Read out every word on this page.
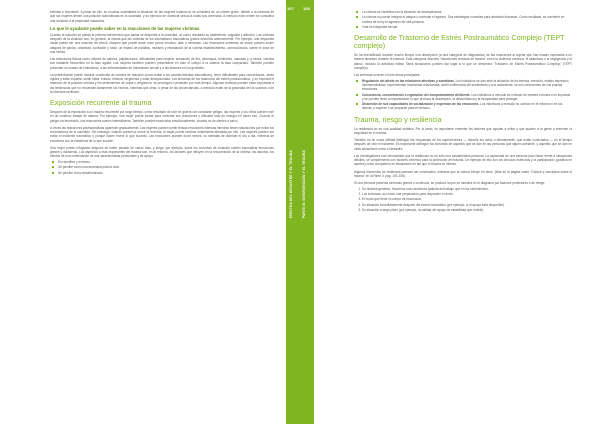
bebidas e impotente. A pesar de ello, en muchas sociedades la situación de las mujeres todavía no se considera de un crimen grave, debido a la creencia de que las mujeres tienen una posición subordinada en la sociedad, y su ejercicio de violencia sexual a todas sus creencias. A menudo este crimen se considera una violación a la propiedad masculina.

Lo que le ayudante puede saber en la reacciones de las mujeres víctimas

Cuando la solución se parida la primera intervención que parlas se despedía a la sociedad, no como resultado su abatimiento, angustia y aflicción. Las víctimas después de la violación son, en general, la misma que las víctimas de los traumatismo traumáticos graves descritos anteriormente. Por ejemplo, una respuesta inicial puede ser una reacción de shock: bloqueo que puede durar unos pocos minutos, días o semanas. Las reacciones extremas de shock pueden incluir ataques de pánico, ansiedad, confusión y ruido, un estado de parálisis, mutismo y retardación de la víctima establecimiento, conmocionado, siente el dolor de una herida.

Las reacciones físicas como dolores de cabeza, palpitaciones, dificultades para respirar, sensación de frío, desmayos, temblores, náuseas y, a veces, vómitos son bastante frecuentes en la fase aguda. Las mujeres también pueden presentarse en todo el cuerpo a la cabeza la tasa comparado. También pueden presentar un estado de embolismo, a las enfermedades de transmisión sexual y a las lesiones en los genitales.

La sobreviviente puede mostrar conductas de manera de reacción (como evitar a los acontecimientos traumáticos), tener dificultades para concentrarse, sentir rigidez y estar inquieta, sentir rabia, enfado, tristeza, vergüenza y estar decepcionada. Los síntomas de los trastornos del estrés postraumático, y en especial el trastorno de la posición crónica y los sentimientos de culpa o vergüenza, se prolongan o persisten por más tiempo. Algunas víctimas pueden estar expuestas a las tendencias que no recuerdan claramente los hechos, mientras que otras, a pesar de las circunstancias, a menudo están de la gravedad de los sucesos o de la violencia recibidos.

Exposición recurrente al trauma

Después de la exposición a un trauma recurrente por largo tiempo, como resultado de vivir en guerra con constante peligro, las mujeres y los niños pueden vivir en un continuo estado de alarma. Por ejemplo, una mujer puede luchar para controlar sus reacciones y dificultar todo su energía en hacer eso. Cuando el peligro ha terminado, sus reacciones suelen intensificarse. También pueden reaccionar emocionalmente, cuando no se sienten a salvo.

A veces las reacciones postraumáticas aparecen gradualmente. Las mujeres pueden sentir tensas emociones intensas mientras tienen situaciones por evitar los recordatorios de lo sucedido. Sin embargo, cuando vuelven a revivir la vivencia, la mujer puede sentirse doblemente afectada por ello. Las mujeres pueden ser evitar el incidente traumático y porque hacen revivir lo que sucedió. Las reacciones pueden durar meses, no sentidas de dominar el día a día, mientras se encuentra con la existencia de lo que sucede.

Una mujer puede refugiarse después de haber pasado de varios días, y luego, por ejemplo, todos los síntomas de violación suelen traumatizar emociones graves y duraderas. Los aspectos a más importantes del trauma son, en al entorno, los factores que influyen en la recuperación de la víctima, los asuntos, los efectos de una combinación de sus características personales y de apoyo.

Es repetitivo y extremo.
Se percibe como una amenaza para la vida.
Se percibe como desafortunado.
107 108
EFECTOS DEL DESASTRE Y EL TRAUMA	PARTE III: INTERVENCIÓN Y EL TRAUMA
La víctima se identifica con la situación de desesperanza.
La víctima no puede integrar el ataque o controlar el agresor. Sus estrategias normales para afrontarlo fracasan. Como resultado, se convierte en víctima de la ley la agresión de otra persona.
Vida es integridad sexual.
Desarrollo de Trastorno de Estrés Postraumático Complejo (TEPT complejo)

Se ha intensificado durante mucho tiempo una descripción (a una categoría de diagnóstico) de las reacciones al sujetar que han estado expuestas a un trauma duradero durante la infancia. Esta categoría describe "situaciones crónicas de trauma" como la violencia continua, el abandono o la negligencia y el abuso, incluido la actividad militar. Tales situaciones pueden dar lugar a lo que se denomina "Trastorno de Estrés Postraumático Complejo" (TEPT complejo).

Los síntomas ocurren en tres áreas principales:

Regulación del afecto en las relaciones afectivas y somáticas. Los individuos se dan ante la situación de ira intensa, emoción, estado depresivo, hipersensibilidad, experimentan reactividad relacionada, sentir indiferencia del sentimiento y a la autoestima, no son conscientes de sus propias emociones.
Consciencia, concentración o regulación del comportamiento deficiente. Los individuos a menudo se enfocan de manera errónea o en impulsos y se pueden tener la impulsividad, lo que provoca la desamparo, la desconfianza y la incapacidad para proteger.
Distorsión de sus capacidades de socialización y expresión de las emociones. Los individuos a menudo no confían en el entorno ni en los demás, y esperan o se preparan para el rechazo.
Trauma, riesgo y resiliencia

La resiliencia no es una cualidad estática. Por lo tanto, es importante entender los factores que ayudan a evitar y que ayuden a la gente a entender la seguridad en el trauma.

También es de suma utilidad distinguir las respuestas de los supervivientes — durante los actos o directamente, que están conectados — en el tiempo después de vivir el incidente. Es importante distinguir los síntomas de aquellos que se dan en las personas que siguen adelante, y aquellos que se dan en otras situaciones como el desastre.

Los investigadores han demostrado que la resiliencia no es sólo una característica personal. La capacidad de una persona para hacer frente a situaciones difíciles, se complementa con factores externos para la protección del trauma. Un ejemplo de ello son los vínculos estrechos y la participación (positiva en aportes) como compañero en situaciones en las que el trauma es intenso.

Algunos elementos de resiliencia parecen ser universales, mientras que la cultura influye en otros. (Más en la página sobre "Cultura y conceptos sobre el trauma" en la Parte II, pág. 104-106).

Si una persona presenta síntomas graves o continuos, se produce la que se muestra en el diagrama por factores protectores o de riesgo:

1. Su historial genético. Hacemos una conciencia gratuita del trabajo que en los sentimientos.
2. Los síntomas, así como una preparación para responder o revivir.
3. El modo que tiene el cuerpo de reaccionar.
4. Su situación inmediatamente después del evento traumático (por ejemplo, si el apoyo está disponible).
5. Su situación a largo plazo (por ejemplo, la calidad del apoyo de estabilidad que recibió).
